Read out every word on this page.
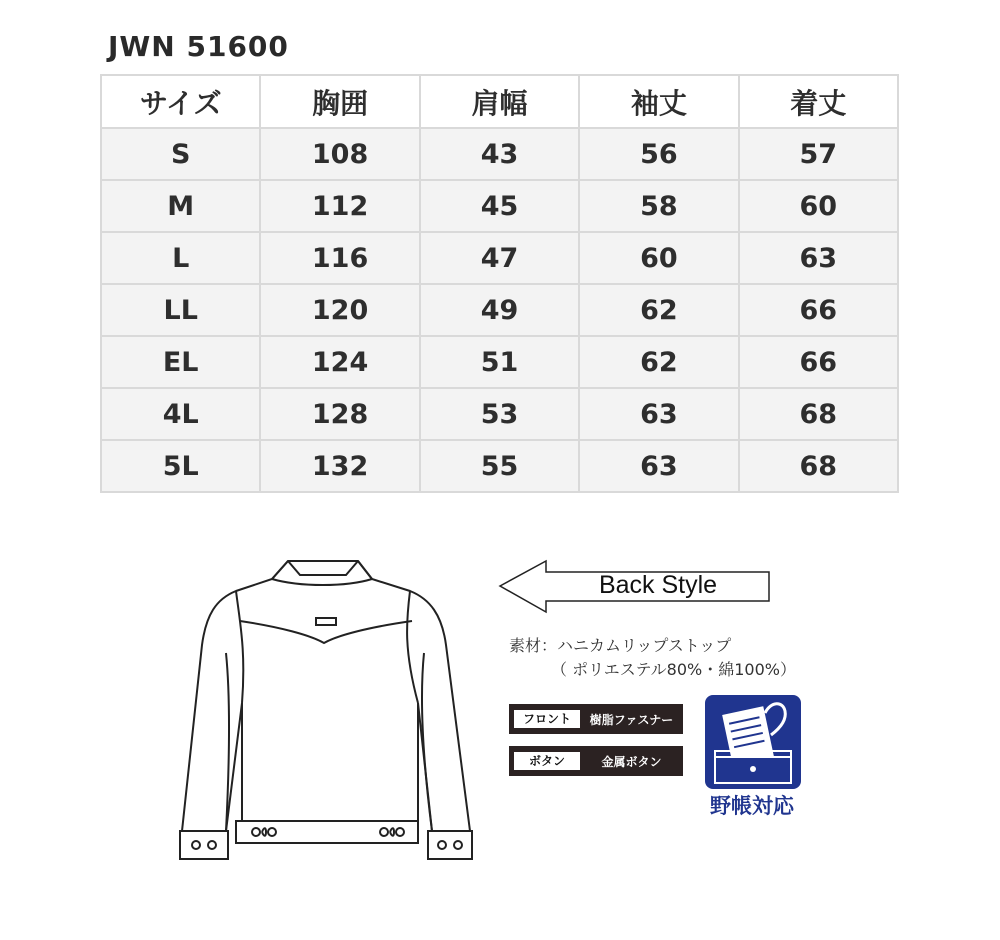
JWN 51600
サイズ	胸囲	肩幅	袖丈	着丈
S	108	43	56	57
M	112	45	58	60
L	116	47	60	63
LL	120	49	62	66
EL	124	51	62	66
4L	128	53	63	68
5L	132	55	63	68
Back Style
素材：ハニカムリップストップ
（ ポリエステル80%・綿100%）
フロント	樹脂ファスナー
ボタン	金属ボタン
野帳対応
